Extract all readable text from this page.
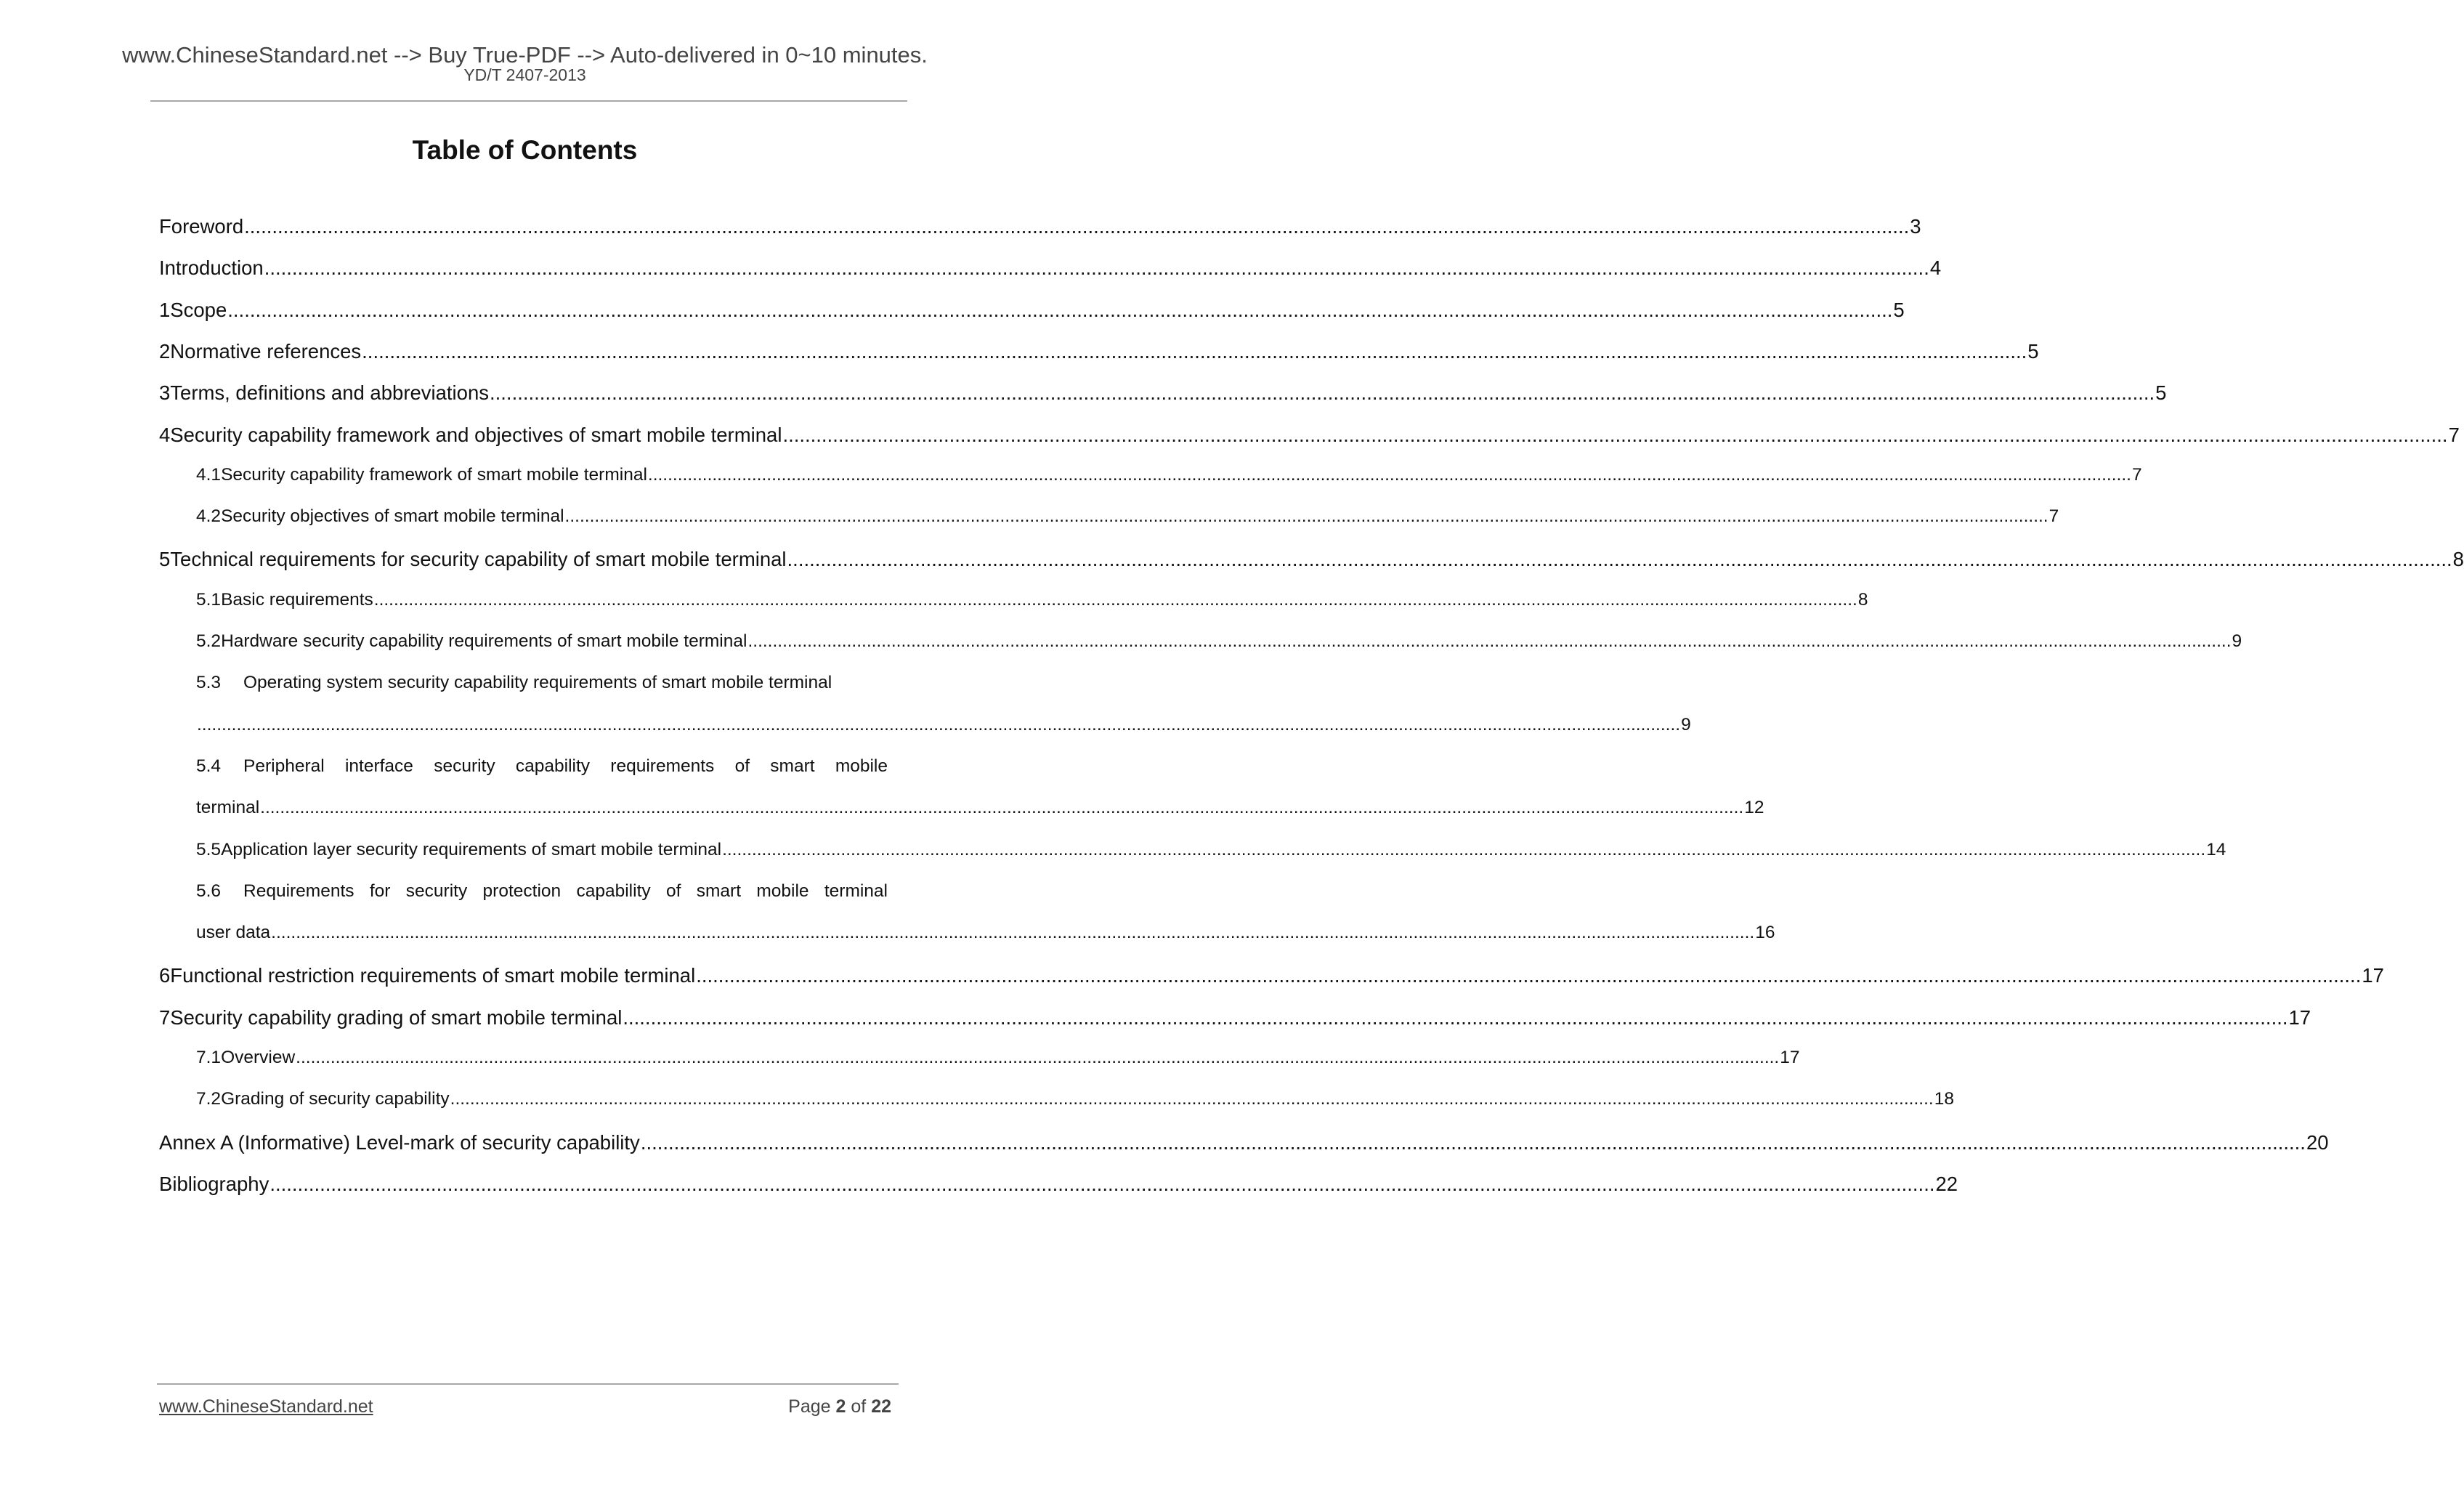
www.ChineseStandard.net --> Buy True-PDF --> Auto-delivered in 0~10 minutes.
YD/T 2407-2013
Table of Contents
Foreword ............................................................................................................................................................................................................................................................................................................ 3
Introduction ............................................................................................................................................................................................................................................................................................................ 4
1 Scope ............................................................................................................................................................................................................................................................................................................ 5
2 Normative references ............................................................................................................................................................................................................................................................................................................ 5
3 Terms, definitions and abbreviations ............................................................................................................................................................................................................................................................................................................ 5
4 Security capability framework and objectives of smart mobile terminal ............................................................................................................................................................................................................................................................................................................ 7
4.1 Security capability framework of smart mobile terminal ............................................................................................................................................................................................................................................................................................................ 7
4.2 Security objectives of smart mobile terminal ............................................................................................................................................................................................................................................................................................................ 7
5 Technical requirements for security capability of smart mobile terminal ............................................................................................................................................................................................................................................................................................................ 8
5.1 Basic requirements ............................................................................................................................................................................................................................................................................................................ 8
5.2 Hardware security capability requirements of smart mobile terminal ............................................................................................................................................................................................................................................................................................................ 9
5.3	Operating system security capability requirements of smart mobile terminal
............................................................................................................................................................................................................................................................................................................ 9
5.4	Peripheral interface security capability requirements of smart mobile
terminal ............................................................................................................................................................................................................................................................................................................ 12
5.5 Application layer security requirements of smart mobile terminal ............................................................................................................................................................................................................................................................................................................ 14
5.6	Requirements for security protection capability of smart mobile terminal
user data ............................................................................................................................................................................................................................................................................................................ 16
6 Functional restriction requirements of smart mobile terminal ............................................................................................................................................................................................................................................................................................................ 17
7 Security capability grading of smart mobile terminal ............................................................................................................................................................................................................................................................................................................ 17
7.1 Overview ............................................................................................................................................................................................................................................................................................................ 17
7.2 Grading of security capability ............................................................................................................................................................................................................................................................................................................ 18
Annex A (Informative) Level-mark of security capability ............................................................................................................................................................................................................................................................................................................ 20
Bibliography ............................................................................................................................................................................................................................................................................................................ 22
www.ChineseStandard.net	Page 2 of 22
